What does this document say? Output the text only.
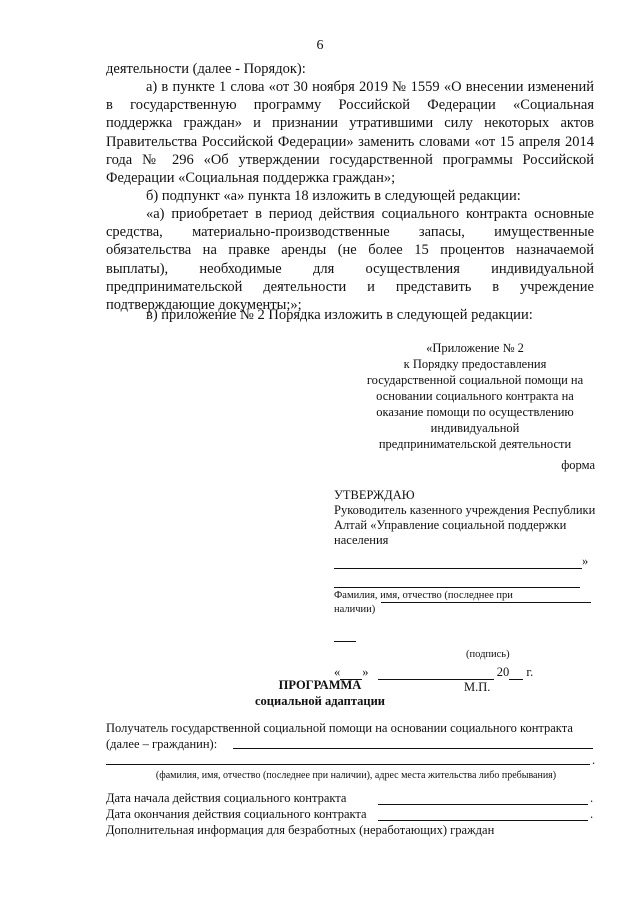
6

деятельности (далее - Порядок):

а) в пункте 1 слова «от 30 ноября 2019 № 1559 «О внесении изменений в государственную программу Российской Федерации «Социальная поддержка граждан» и признании утратившими силу некоторых актов Правительства Российской Федерации» заменить словами «от 15 апреля 2014 года № 296 «Об утверждении государственной программы Российской Федерации «Социальная поддержка граждан»;

б) подпункт «а» пункта 18 изложить в следующей редакции:

«а) приобретает в период действия социального контракта основные средства, материально-производственные запасы, имущественные обязательства на правке аренды (не более 15 процентов назначаемой выплаты), необходимые для осуществления индивидуальной предпринимательской деятельности и представить в учреждение подтверждающие документы;»;

в) приложение № 2 Порядка изложить в следующей редакции:

«Приложение № 2
к Порядку предоставления
государственной социальной помощи на
основании социального контракта на
оказание помощи по осуществлению
индивидуальной
предпринимательской деятельности
форма
УТВЕРЖДАЮ
Руководитель казенного учреждения Республики Алтай «Управление социальной поддержки населения
»
Фамилия, имя, отчество (последнее при наличии)
(подпись)
« »	20 г.
М.П.
ПРОГРАММА
социальной адаптации
Получатель государственной социальной помощи на основании социального контракта (далее – гражданин):
.
(фамилия, имя, отчество (последнее при наличии), адрес места жительства либо пребывания)
Дата начала действия социального контракта	.
Дата окончания действия социального контракта	.
Дополнительная информация для безработных (неработающих) граждан
